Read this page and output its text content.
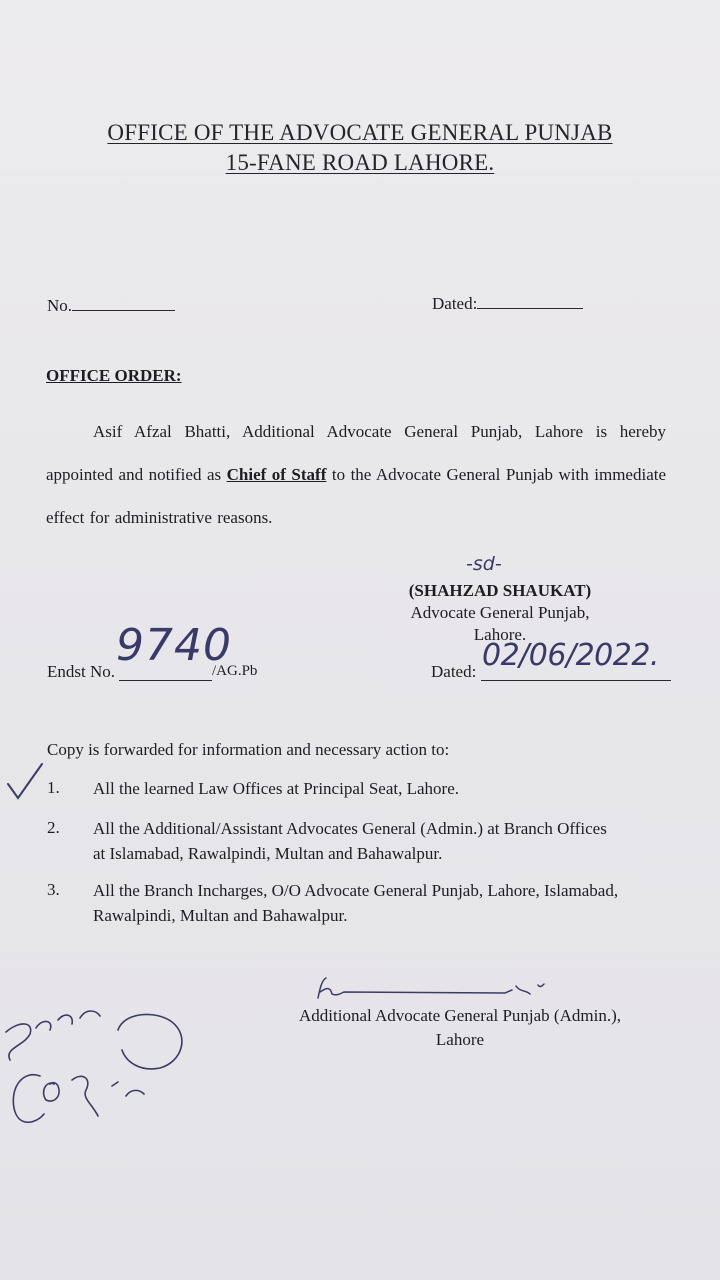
OFFICE OF THE ADVOCATE GENERAL PUNJAB
15-FANE ROAD LAHORE.
No.	Dated:
OFFICE ORDER:
Asif Afzal Bhatti, Additional Advocate General Punjab, Lahore is hereby appointed and notified as Chief of Staff to the Advocate General Punjab with immediate effect for administrative reasons.
-sd-
(SHAHZAD SHAUKAT)
Advocate General Punjab,
Lahore.
Endst No.
9740
/AG.Pb	Dated: 02/06/2022.
Copy is forwarded for information and necessary action to:
1. All the learned Law Offices at Principal Seat, Lahore.
2. All the Additional/Assistant Advocates General (Admin.) at Branch Offices at Islamabad, Rawalpindi, Multan and Bahawalpur.
3. All the Branch Incharges, O/O Advocate General Punjab, Lahore, Islamabad, Rawalpindi, Multan and Bahawalpur.
Additional Advocate General Punjab (Admin.),
Lahore
